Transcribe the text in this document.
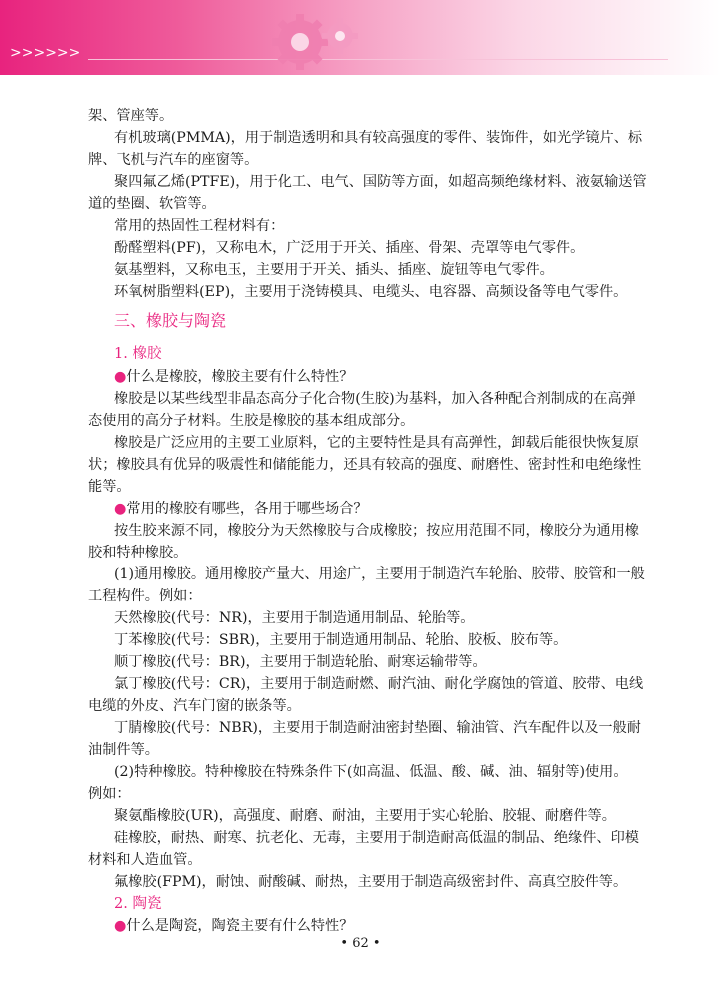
>>>>>>
架、管座等。
有机玻璃(PMMA)，用于制造透明和具有较高强度的零件、装饰件，如光学镜片、标
牌、飞机与汽车的座窗等。
聚四氟乙烯(PTFE)，用于化工、电气、国防等方面，如超高频绝缘材料、液氨输送管
道的垫圈、软管等。
常用的热固性工程材料有：
酚醛塑料(PF)，又称电木，广泛用于开关、插座、骨架、壳罩等电气零件。
氨基塑料，又称电玉，主要用于开关、插头、插座、旋钮等电气零件。
环氧树脂塑料(EP)，主要用于浇铸模具、电缆头、电容器、高频设备等电气零件。
三、橡胶与陶瓷
1. 橡胶
●什么是橡胶，橡胶主要有什么特性？
橡胶是以某些线型非晶态高分子化合物(生胶)为基料，加入各种配合剂制成的在高弹
态使用的高分子材料。生胶是橡胶的基本组成部分。
橡胶是广泛应用的主要工业原料，它的主要特性是具有高弹性，卸载后能很快恢复原
状；橡胶具有优异的吸震性和储能能力，还具有较高的强度、耐磨性、密封性和电绝缘性
能等。
●常用的橡胶有哪些，各用于哪些场合？
按生胶来源不同，橡胶分为天然橡胶与合成橡胶；按应用范围不同，橡胶分为通用橡
胶和特种橡胶。
(1)通用橡胶。通用橡胶产量大、用途广，主要用于制造汽车轮胎、胶带、胶管和一般
工程构件。例如：
天然橡胶(代号：NR)，主要用于制造通用制品、轮胎等。
丁苯橡胶(代号：SBR)，主要用于制造通用制品、轮胎、胶板、胶布等。
顺丁橡胶(代号：BR)，主要用于制造轮胎、耐寒运输带等。
氯丁橡胶(代号：CR)，主要用于制造耐燃、耐汽油、耐化学腐蚀的管道、胶带、电线
电缆的外皮、汽车门窗的嵌条等。
丁腈橡胶(代号：NBR)，主要用于制造耐油密封垫圈、输油管、汽车配件以及一般耐
油制件等。
(2)特种橡胶。特种橡胶在特殊条件下(如高温、低温、酸、碱、油、辐射等)使用。
例如：
聚氨酯橡胶(UR)，高强度、耐磨、耐油，主要用于实心轮胎、胶辊、耐磨件等。
硅橡胶，耐热、耐寒、抗老化、无毒，主要用于制造耐高低温的制品、绝缘件、印模
材料和人造血管。
氟橡胶(FPM)，耐蚀、耐酸碱、耐热，主要用于制造高级密封件、高真空胶件等。
2. 陶瓷
●什么是陶瓷，陶瓷主要有什么特性？
• 62 •
